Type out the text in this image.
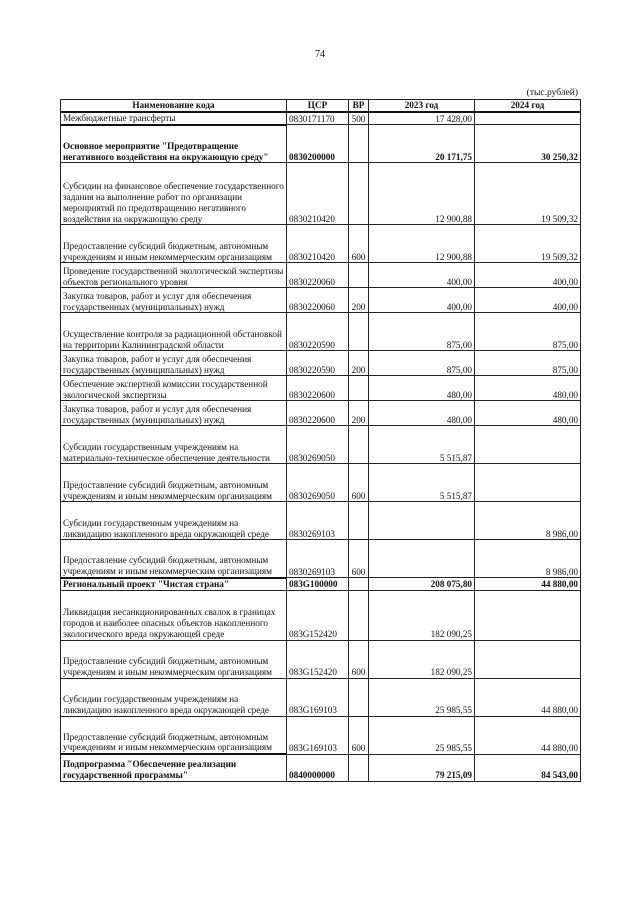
74
(тыс.рублей)
Наименование кода	ЦСР	ВР	2023 год	2024 год
Межбюджетные трансферты	0830171170	500	17 428,00	
Основное мероприятие "Предотвращение негативного воздействия на окружающую среду"	0830200000		20 171,75	30 250,32
Субсидии на финансовое обеспечение государственного задания на выполнение работ по организации мероприятий по предотвращению негативного воздействия на окружающую среду	0830210420		12 900,88	19 509,32
Предоставление субсидий бюджетным, автономным учреждениям и иным некоммерческим организациям	0830210420	600	12 900,88	19 509,32
Проведение государственной экологической экспертизы объектов регионального уровня	0830220060		400,00	400,00
Закупка товаров, работ и услуг для обеспечения государственных (муниципальных) нужд	0830220060	200	400,00	400,00
Осуществление контроля за радиационной обстановкой на территории Калининградской области	0830220590		875,00	875,00
Закупка товаров, работ и услуг для обеспечения государственных (муниципальных) нужд	0830220590	200	875,00	875,00
Обеспечение экспертной комиссии государственной экологической экспертизы	0830220600		480,00	480,00
Закупка товаров, работ и услуг для обеспечения государственных (муниципальных) нужд	0830220600	200	480,00	480,00
Субсидии государственным учреждениям на материально-техническое обеспечение деятельности	0830269050		5 515,87	
Предоставление субсидий бюджетным, автономным учреждениям и иным некоммерческим организациям	0830269050	600	5 515,87	
Субсидии государственным учреждениям на ликвидацию накопленного вреда окружающей среде	0830269103			8 986,00
Предоставление субсидий бюджетным, автономным учреждениям и иным некоммерческим организациям	0830269103	600		8 986,00
Региональный проект "Чистая страна"	083G100000		208 075,80	44 880,00
Ликвидация несанкционированных свалок в границах городов и наиболее опасных объектов накопленного экологического вреда окружающей среде	083G152420		182 090,25	
Предоставление субсидий бюджетным, автономным учреждениям и иным некоммерческим организациям	083G152420	600	182 090,25	
Субсидии государственным учреждениям на ликвидацию накопленного вреда окружающей среде	083G169103		25 985,55	44 880,00
Предоставление субсидий бюджетным, автономным учреждениям и иным некоммерческим организациям	083G169103	600	25 985,55	44 880,00
Подпрограмма "Обеспечение реализации государственной программы"	0840000000		79 215,09	84 543,00
